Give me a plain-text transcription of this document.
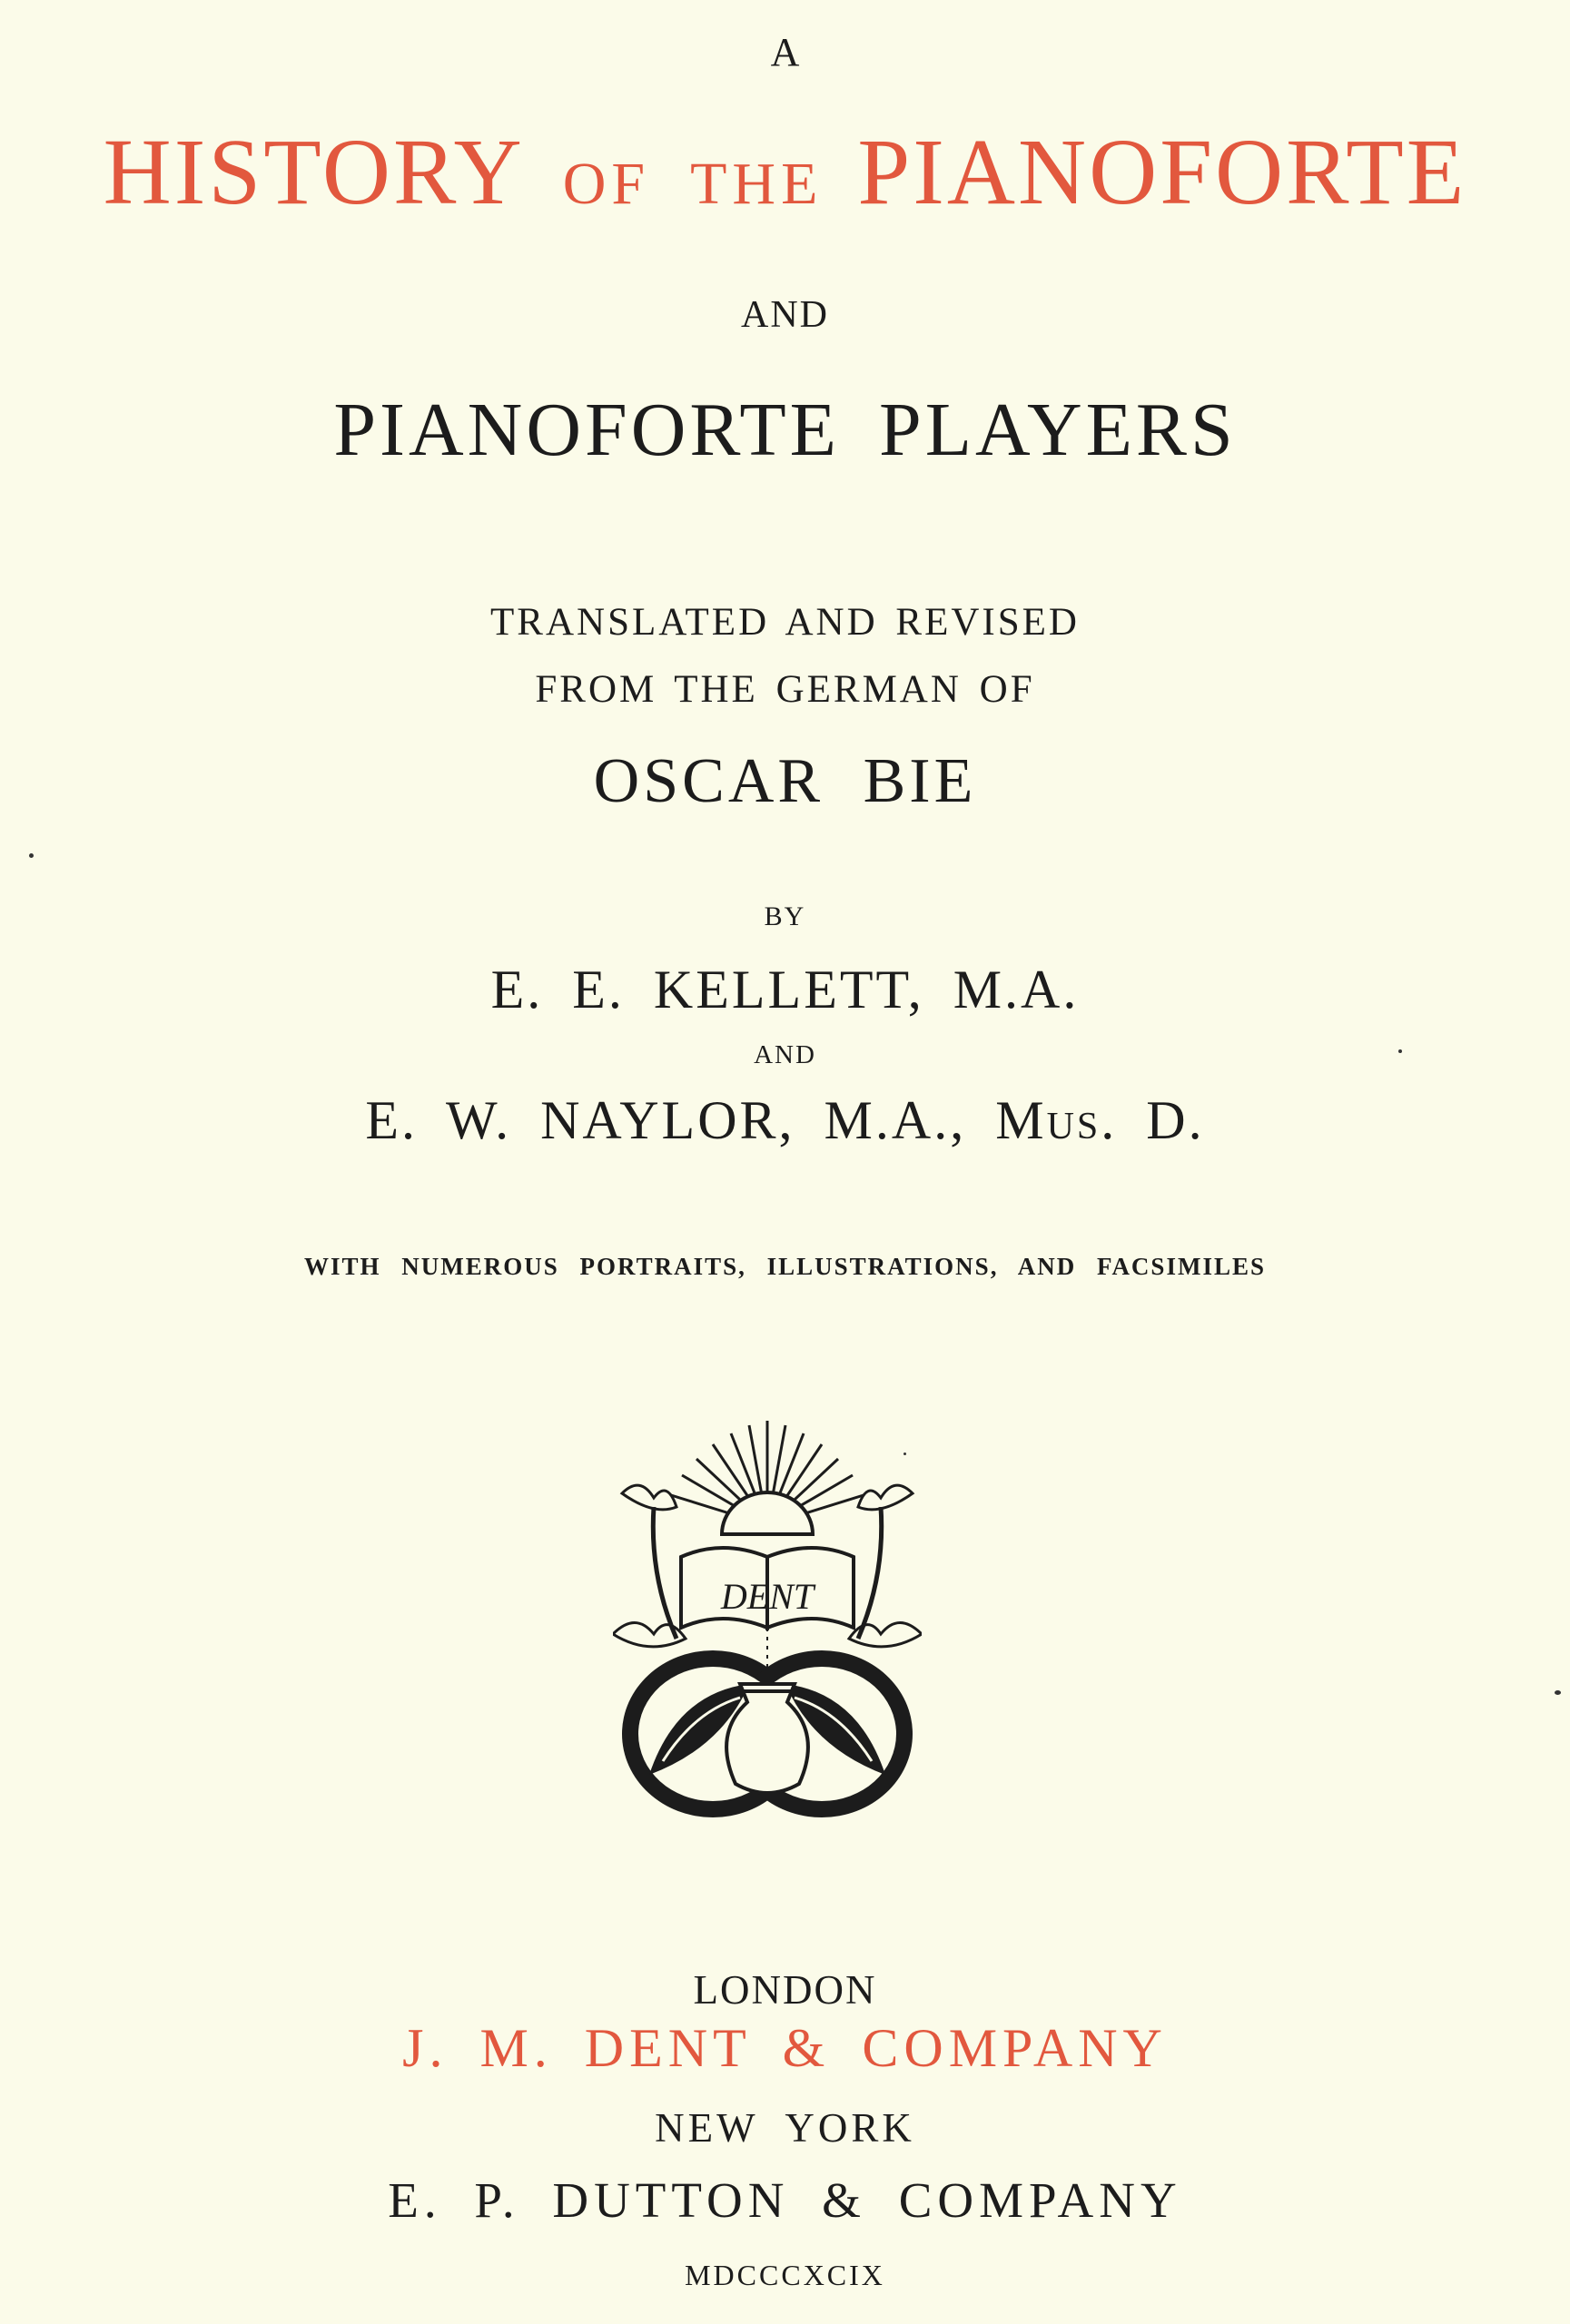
A
HISTORY OF THE PIANOFORTE
AND
PIANOFORTE PLAYERS
TRANSLATED AND REVISED
FROM THE GERMAN OF
OSCAR BIE
BY
E. E. KELLETT, M.A.
AND
E. W. NAYLOR, M.A., Mus. D.
WITH NUMEROUS PORTRAITS, ILLUSTRATIONS, AND FACSIMILES
DENT
LONDON
J. M. DENT & COMPANY
NEW YORK
E. P. DUTTON & COMPANY
MDCCCXCIX
